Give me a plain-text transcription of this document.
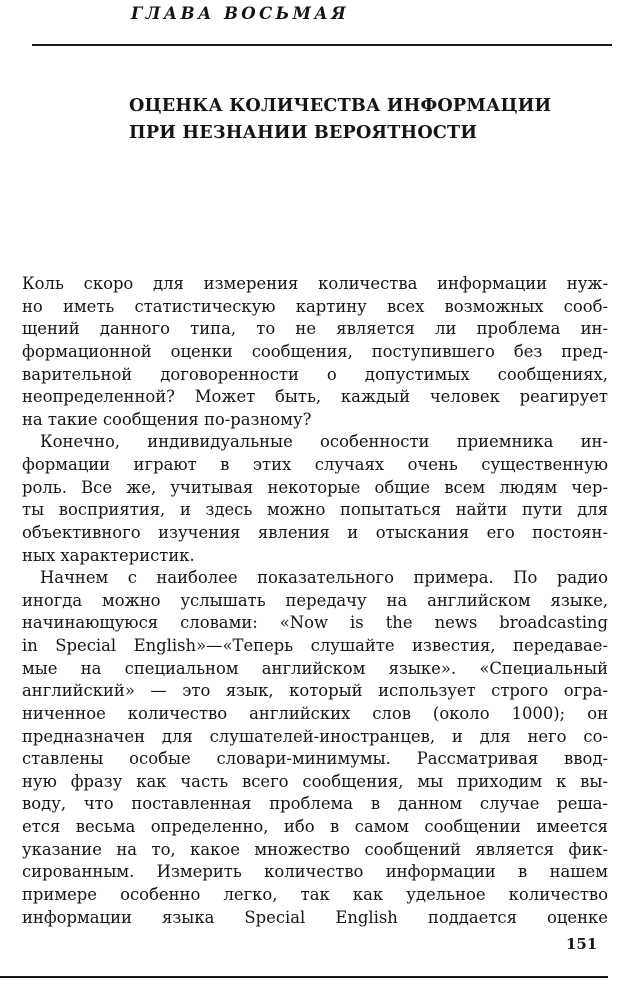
ГЛАВА ВОСЬМАЯ
ОЦЕНКА КОЛИЧЕСТВА ИНФОРМАЦИИ
ПРИ НЕЗНАНИИ ВЕРОЯТНОСТИ
Коль скоро для измерения количества информации нуж-
но иметь статистическую картину всех возможных сооб-
щений данного типа, то не является ли проблема ин-
формационной оценки сообщения, поступившего без пред-
варительной договоренности о допустимых сообщениях,
неопределенной? Может быть, каждый человек реагирует
на такие сообщения по-разному?
Конечно, индивидуальные особенности приемника ин-
формации играют в этих случаях очень существенную
роль. Все же, учитывая некоторые общие всем людям чер-
ты восприятия, и здесь можно попытаться найти пути для
объективного изучения явления и отыскания его постоян-
ных характеристик.
Начнем с наиболее показательного примера. По радио
иногда можно услышать передачу на английском языке,
начинающуюся словами: «Now is the news broadcasting
in Special English»—«Теперь слушайте известия, передавае-
мые на специальном английском языке». «Специальный
английский» — это язык, который использует строго огра-
ниченное количество английских слов (около 1000); он
предназначен для слушателей-иностранцев, и для него со-
ставлены особые словари-минимумы. Рассматривая ввод-
ную фразу как часть всего сообщения, мы приходим к вы-
воду, что поставленная проблема в данном случае реша-
ется весьма определенно, ибо в самом сообщении имеется
указание на то, какое множество сообщений является фик-
сированным. Измерить количество информации в нашем
примере особенно легко, так как удельное количество
информации языка Special English поддается оценке
151
